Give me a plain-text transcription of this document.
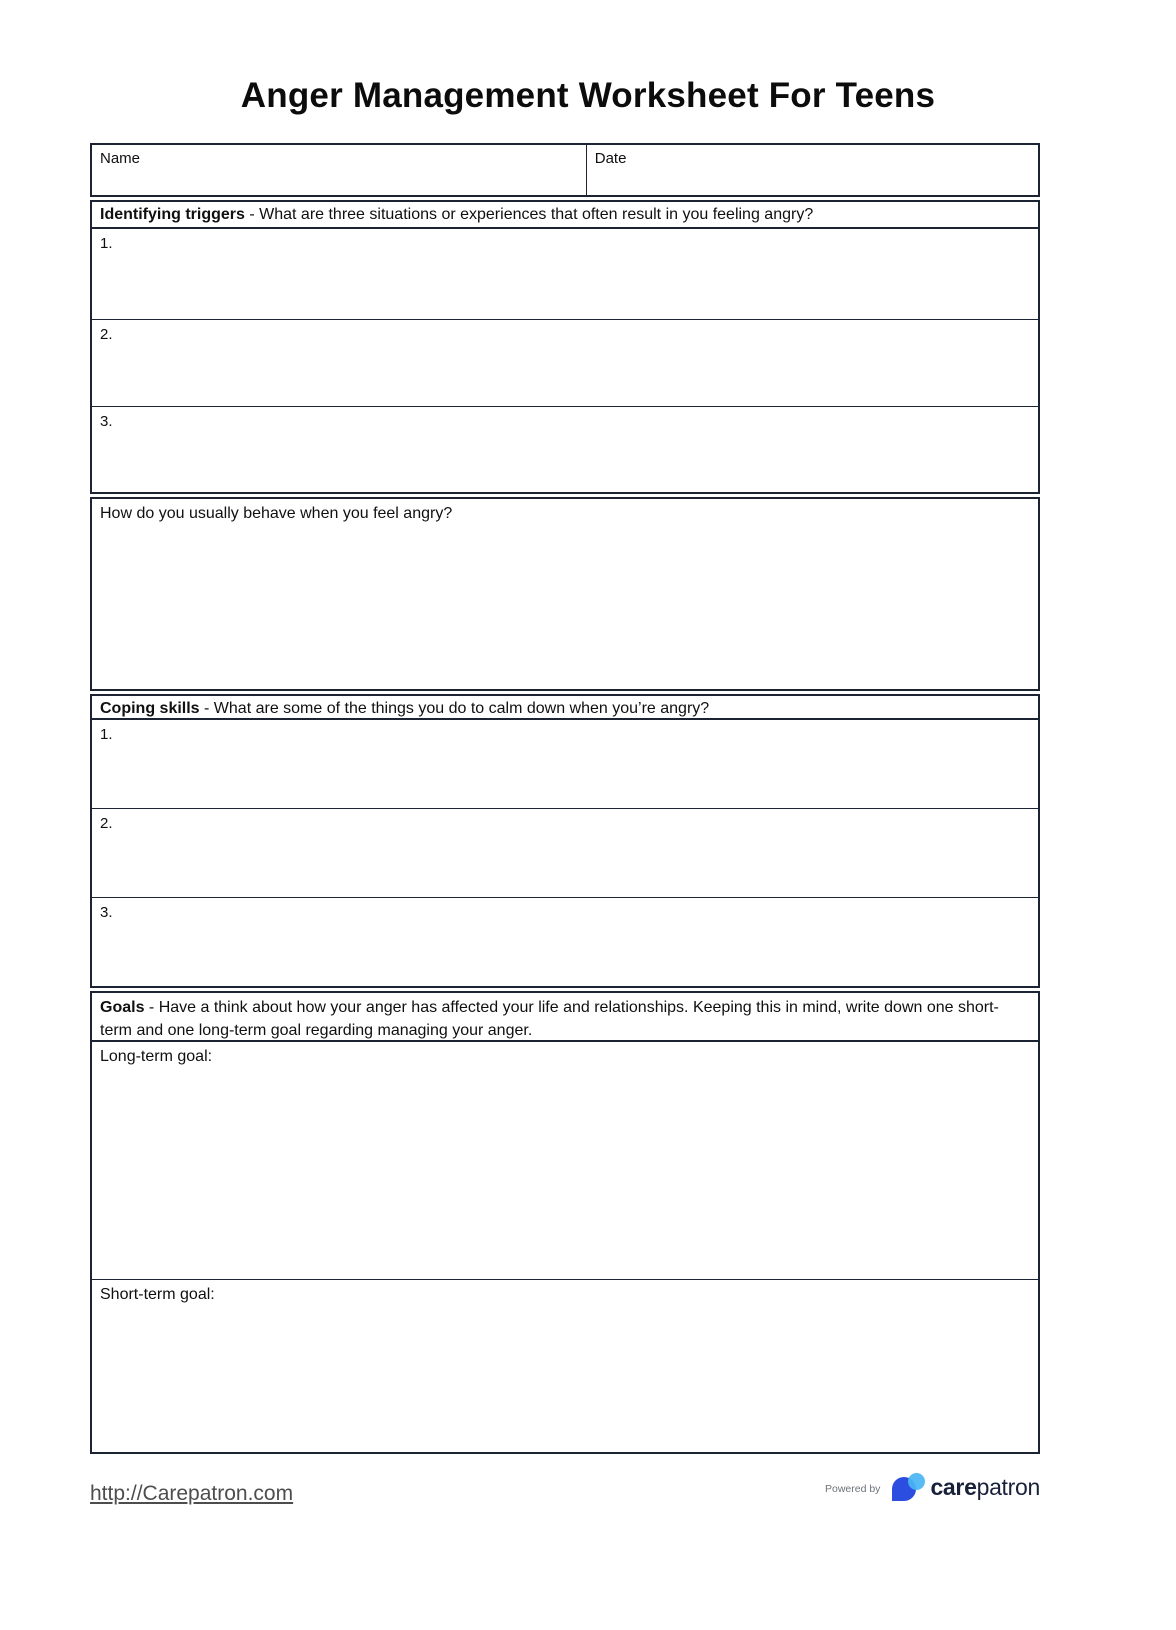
Anger Management Worksheet For Teens
Name	Date
Identifying triggers - What are three situations or experiences that often result in you feeling angry?
1.
2.
3.
How do you usually behave when you feel angry?
Coping skills - What are some of the things you do to calm down when you’re angry?
1.
2.
3.
Goals - Have a think about how your anger has affected your life and relationships. Keeping this in mind, write down one short-term and one long-term goal regarding managing your anger.
Long-term goal:
Short-term goal:
http://Carepatron.com	Powered by carepatron
